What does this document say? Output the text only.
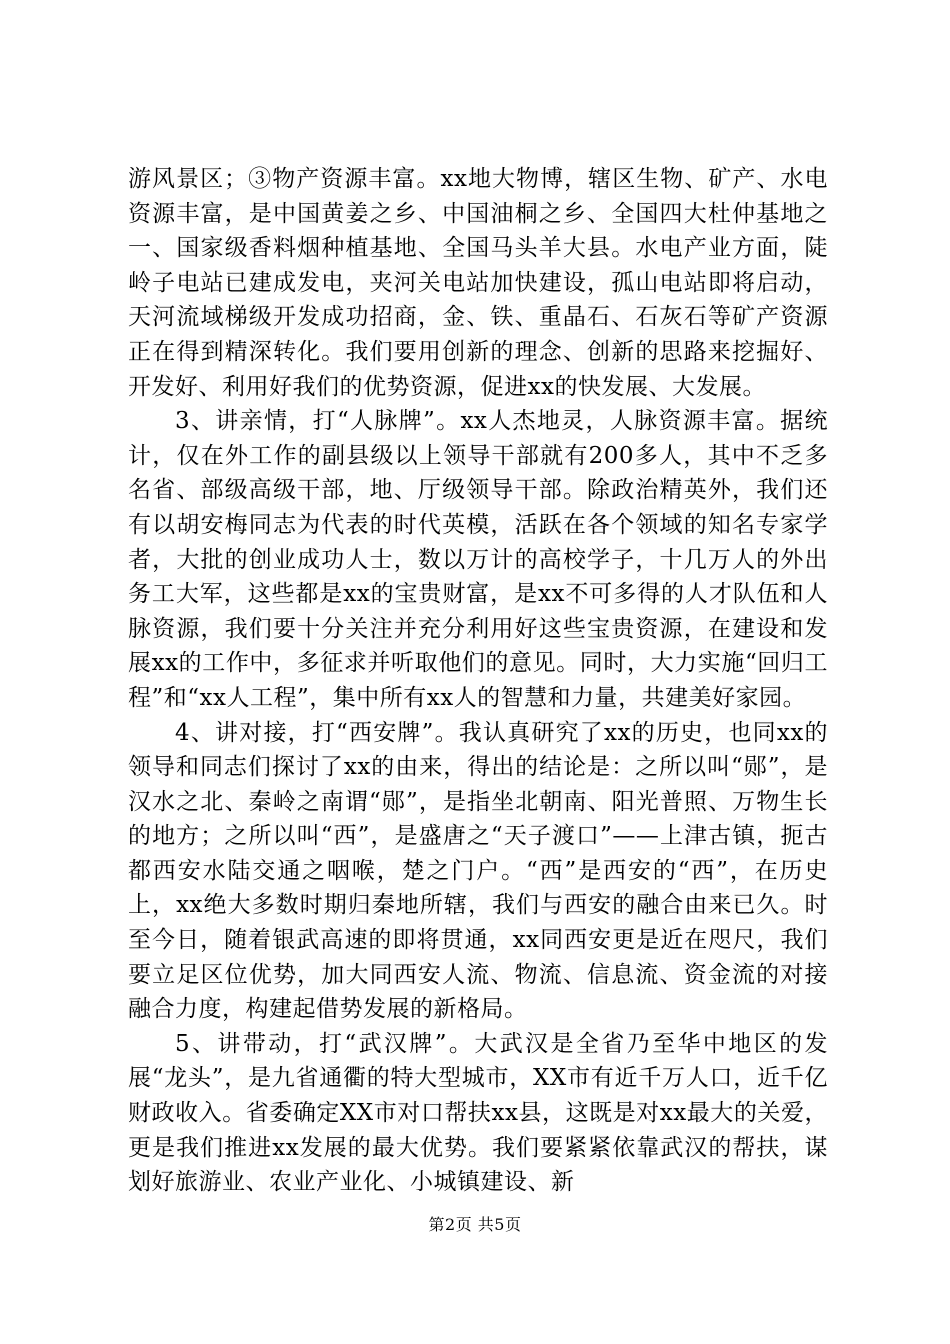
游风景区；③物产资源丰富。xx地大物博，辖区生物、矿产、水电资源丰富，是中国黄姜之乡、中国油桐之乡、全国四大杜仲基地之一、国家级香料烟种植基地、全国马头羊大县。水电产业方面，陡岭子电站已建成发电，夹河关电站加快建设，孤山电站即将启动，天河流域梯级开发成功招商，金、铁、重晶石、石灰石等矿产资源正在得到精深转化。我们要用创新的理念、创新的思路来挖掘好、开发好、利用好我们的优势资源，促进xx的快发展、大发展。

3、讲亲情，打“人脉牌”。xx人杰地灵，人脉资源丰富。据统计，仅在外工作的副县级以上领导干部就有200多人，其中不乏多名省、部级高级干部，地、厅级领导干部。除政治精英外，我们还有以胡安梅同志为代表的时代英模，活跃在各个领域的知名专家学者，大批的创业成功人士，数以万计的高校学子，十几万人的外出务工大军，这些都是xx的宝贵财富，是xx不可多得的人才队伍和人脉资源，我们要十分关注并充分利用好这些宝贵资源，在建设和发展xx的工作中，多征求并听取他们的意见。同时，大力实施“回归工程”和“xx人工程”，集中所有xx人的智慧和力量，共建美好家园。

4、讲对接，打“西安牌”。我认真研究了xx的历史，也同xx的领导和同志们探讨了xx的由来，得出的结论是：之所以叫“郧”，是汉水之北、秦岭之南谓“郧”，是指坐北朝南、阳光普照、万物生长的地方；之所以叫“西”，是盛唐之“天子渡口”——上津古镇，扼古都西安水陆交通之咽喉，楚之门户。“西”是西安的“西”，在历史上，xx绝大多数时期归秦地所辖，我们与西安的融合由来已久。时至今日，随着银武高速的即将贯通，xx同西安更是近在咫尺，我们要立足区位优势，加大同西安人流、物流、信息流、资金流的对接融合力度，构建起借势发展的新格局。

5、讲带动，打“武汉牌”。大武汉是全省乃至华中地区的发展“龙头”，是九省通衢的特大型城市，XX市有近千万人口，近千亿财政收入。省委确定XX市对口帮扶xx县，这既是对xx最大的关爱，更是我们推进xx发展的最大优势。我们要紧紧依靠武汉的帮扶，谋划好旅游业、农业产业化、小城镇建设、新

第2页 共5页
